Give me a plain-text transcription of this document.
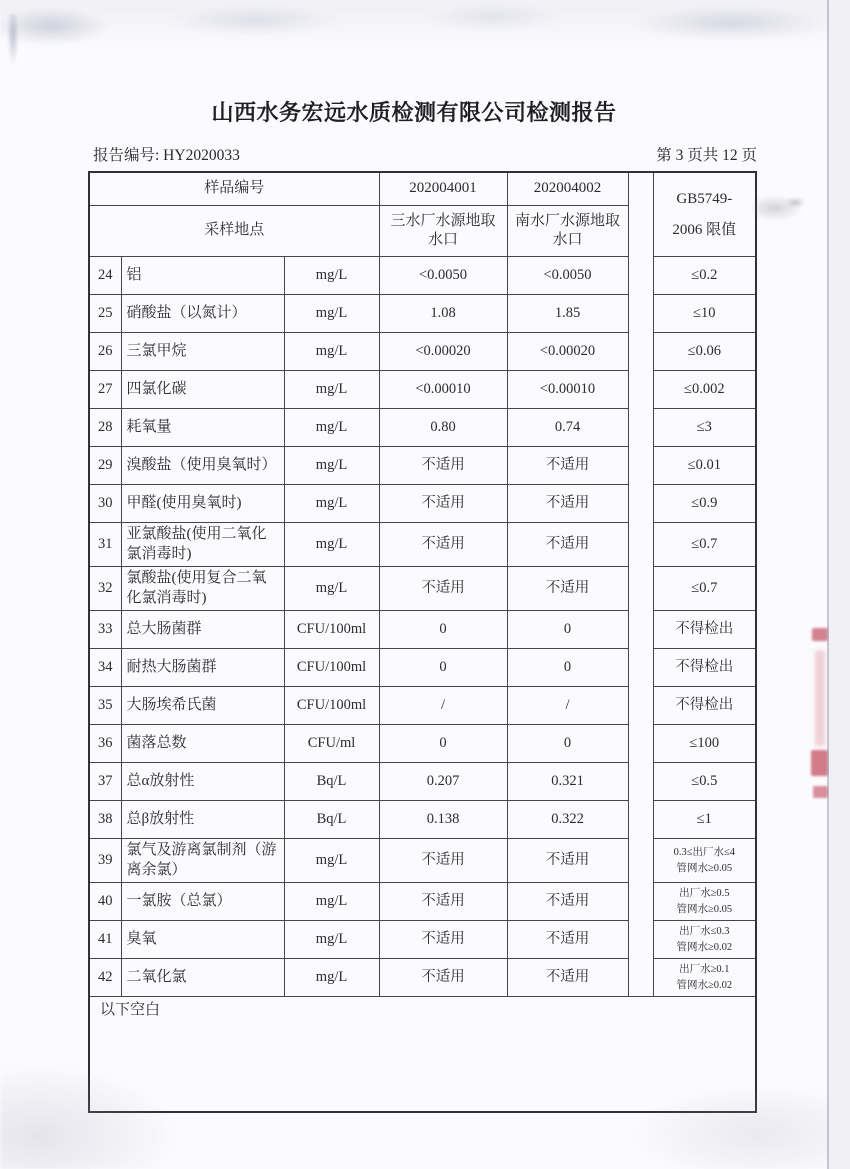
山西水务宏远水质检测有限公司检测报告
报告编号: HY2020033	第 3 页共 12 页
样品编号			202004001	202004002		GB5749-
2006 限值

采样地点			三水厂水源地取水口	南水厂水源地取水口		
24	铝	mg/L	<0.0050	<0.0050		≤0.2
25	硝酸盐（以氮计）	mg/L	1.08	1.85		≤10
26	三氯甲烷	mg/L	<0.00020	<0.00020		≤0.06
27	四氯化碳	mg/L	<0.00010	<0.00010		≤0.002
28	耗氧量	mg/L	0.80	0.74		≤3
29	溴酸盐（使用臭氧时）	mg/L	不适用	不适用		≤0.01
30	甲醛(使用臭氧时)	mg/L	不适用	不适用		≤0.9
31	亚氯酸盐(使用二氧化氯消毒时)	mg/L	不适用	不适用		≤0.7
32	氯酸盐(使用复合二氧化氯消毒时)	mg/L	不适用	不适用		≤0.7
33	总大肠菌群	CFU/100ml	0	0		不得检出
34	耐热大肠菌群	CFU/100ml	0	0		不得检出
35	大肠埃希氏菌	CFU/100ml	/	/		不得检出
36	菌落总数	CFU/ml	0	0		≤100
37	总α放射性	Bq/L	0.207	0.321		≤0.5
38	总β放射性	Bq/L	0.138	0.322		≤1
39	氯气及游离氯制剂（游离余氯）	mg/L	不适用	不适用		0.3≤出厂水≤4
管网水≥0.05

40	一氯胺（总氯）	mg/L	不适用	不适用		出厂水≥0.5
管网水≥0.05

41	臭氧	mg/L	不适用	不适用		出厂水≤0.3
管网水≥0.02

42	二氧化氯	mg/L	不适用	不适用		出厂水≥0.1
管网水≥0.02

以下空白						
